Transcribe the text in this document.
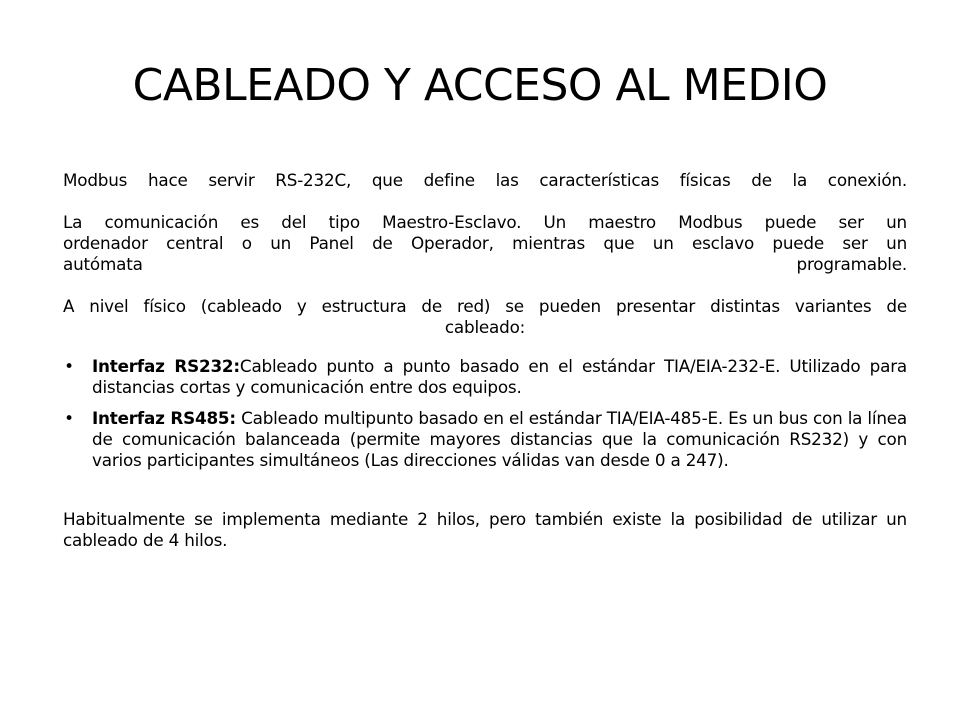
CABLEADO Y ACCESO AL MEDIO

Modbus hace servir RS-232C, que define las características físicas de la conexión.

La comunicación es del tipo Maestro-Esclavo. Un maestro Modbus puede ser un

ordenador central o un Panel de Operador, mientras que un esclavo puede ser un

autómata	programable.

A nivel físico (cableado y estructura de red) se pueden presentar distintas variantes de

cableado:

• Interfaz RS232:Cableado punto a punto basado en el estándar TIA/EIA-232-E. Utilizado para distancias cortas y comunicación entre dos equipos.
• Interfaz RS485: Cableado multipunto basado en el estándar TIA/EIA-485-E. Es un bus con la línea de comunicación balanceada (permite mayores distancias que la comunicación RS232) y con varios participantes simultáneos (Las direcciones válidas van desde 0 a 247).

Habitualmente se implementa mediante 2 hilos, pero también existe la posibilidad de utilizar un cableado de 4 hilos.
